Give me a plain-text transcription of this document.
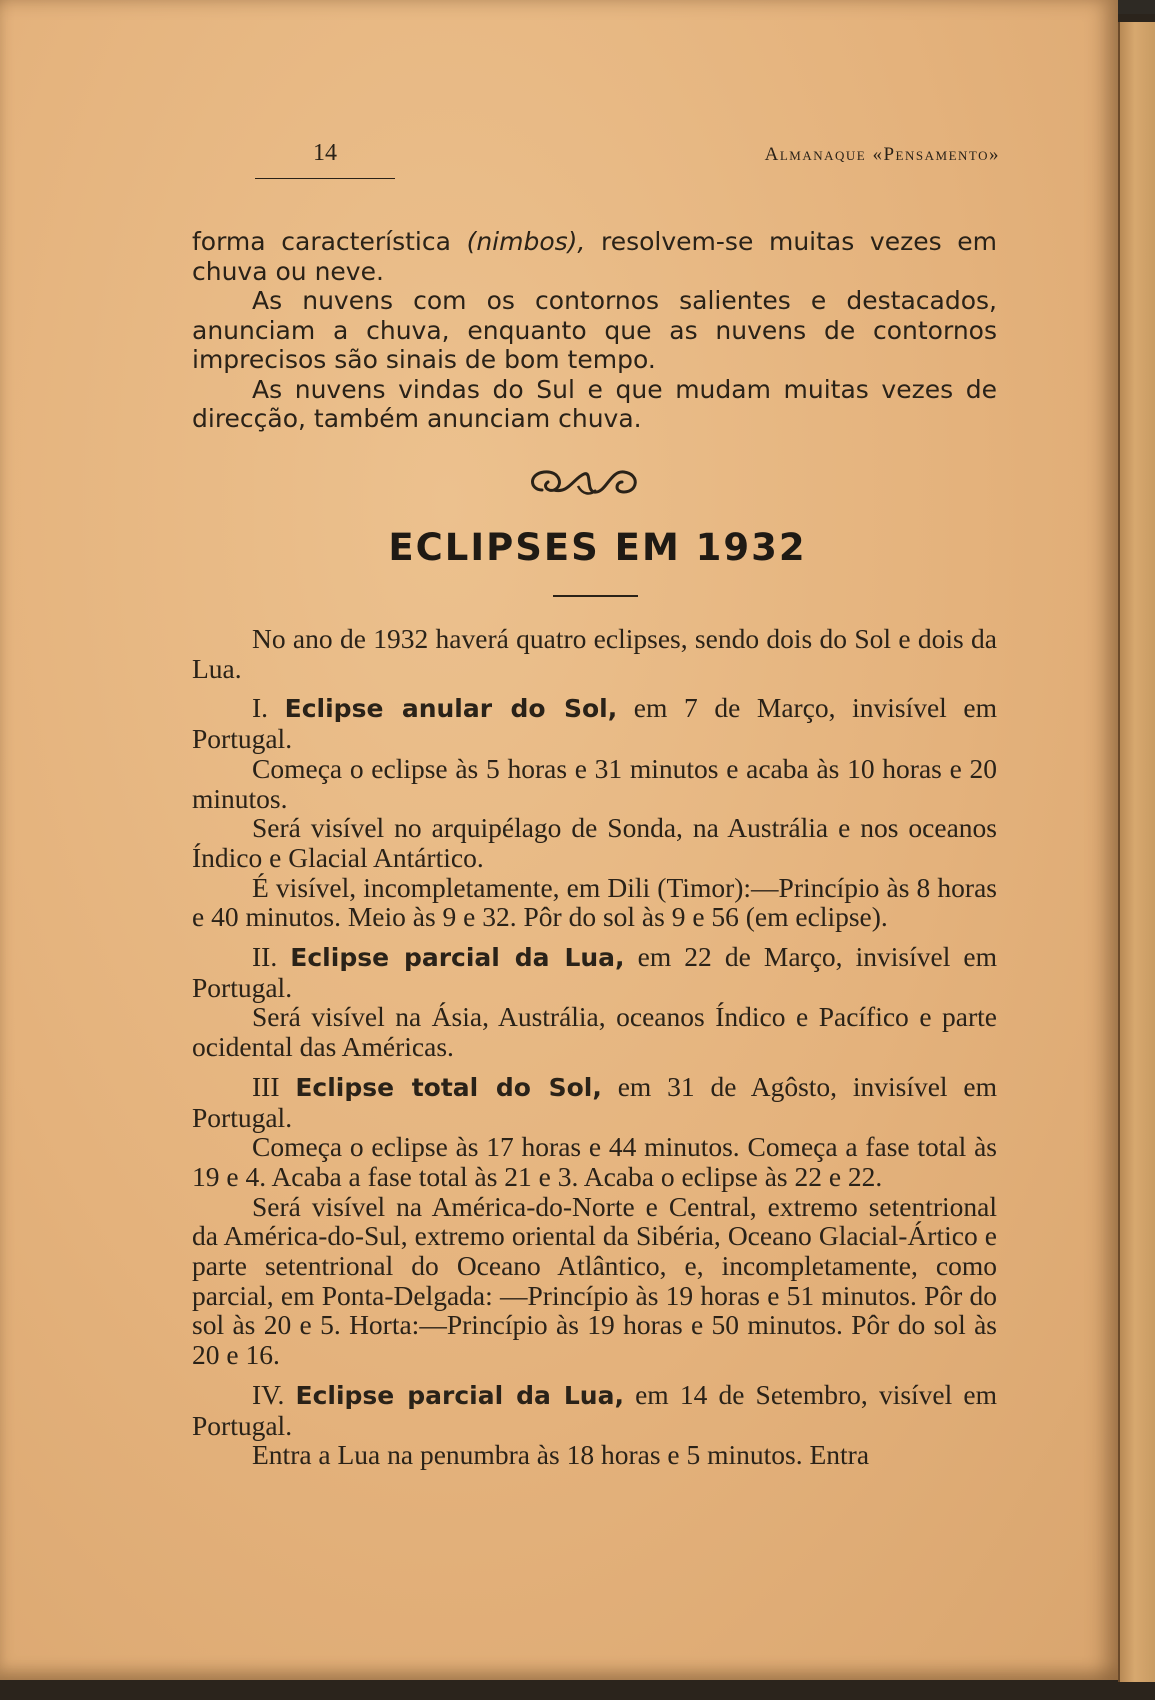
14	Almanaque «Pensamento»

forma característica (nimbos), resolvem-se muitas vezes em chuva ou neve.

As nuvens com os contornos salientes e destacados, anunciam a chuva, enquanto que as nuvens de contornos imprecisos são sinais de bom tempo.

As nuvens vindas do Sul e que mudam muitas vezes de direcção, também anunciam chuva.

ECLIPSES EM 1932

No ano de 1932 haverá quatro eclipses, sendo dois do Sol e dois da Lua.

I. Eclipse anular do Sol, em 7 de Março, invisível em Portugal.

Começa o eclipse às 5 horas e 31 minutos e acaba às 10 horas e 20 minutos.

Será visível no arquipélago de Sonda, na Austrália e nos oceanos Índico e Glacial Antártico.

É visível, incompletamente, em Dili (Timor):—Princípio às 8 horas e 40 minutos. Meio às 9 e 32. Pôr do sol às 9 e 56 (em eclipse).

II. Eclipse parcial da Lua, em 22 de Março, invisível em Portugal.

Será visível na Ásia, Austrália, oceanos Índico e Pacífico e parte ocidental das Américas.

III Eclipse total do Sol, em 31 de Agôsto, invisível em Portugal.

Começa o eclipse às 17 horas e 44 minutos. Começa a fase total às 19 e 4. Acaba a fase total às 21 e 3. Acaba o eclipse às 22 e 22.

Será visível na América-do-Norte e Central, extremo setentrional da América-do-Sul, extremo oriental da Sibéria, Oceano Glacial-Ártico e parte setentrional do Oceano Atlântico, e, incompletamente, como parcial, em Ponta-Delgada: —Princípio às 19 horas e 51 minutos. Pôr do sol às 20 e 5. Horta:—Princípio às 19 horas e 50 minutos. Pôr do sol às 20 e 16.

IV. Eclipse parcial da Lua, em 14 de Setembro, visível em Portugal.

Entra a Lua na penumbra às 18 horas e 5 minutos. Entra
